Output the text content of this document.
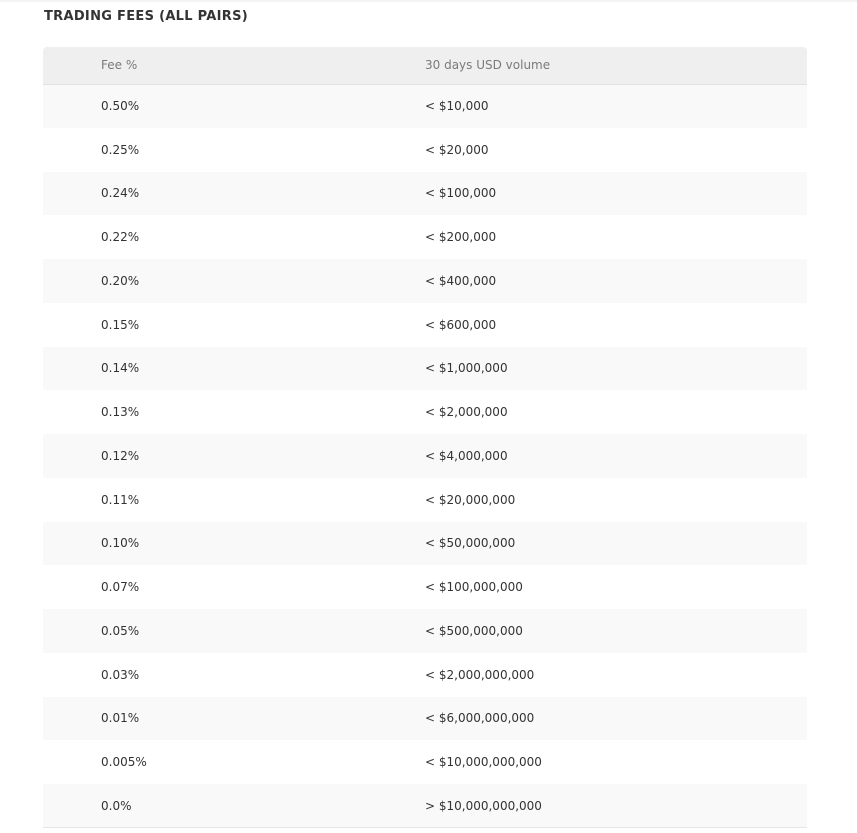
TRADING FEES (ALL PAIRS)
Fee %	30 days USD volume
0.50%	< $10,000
0.25%	< $20,000
0.24%	< $100,000
0.22%	< $200,000
0.20%	< $400,000
0.15%	< $600,000
0.14%	< $1,000,000
0.13%	< $2,000,000
0.12%	< $4,000,000
0.11%	< $20,000,000
0.10%	< $50,000,000
0.07%	< $100,000,000
0.05%	< $500,000,000
0.03%	< $2,000,000,000
0.01%	< $6,000,000,000
0.005%	< $10,000,000,000
0.0%	> $10,000,000,000
